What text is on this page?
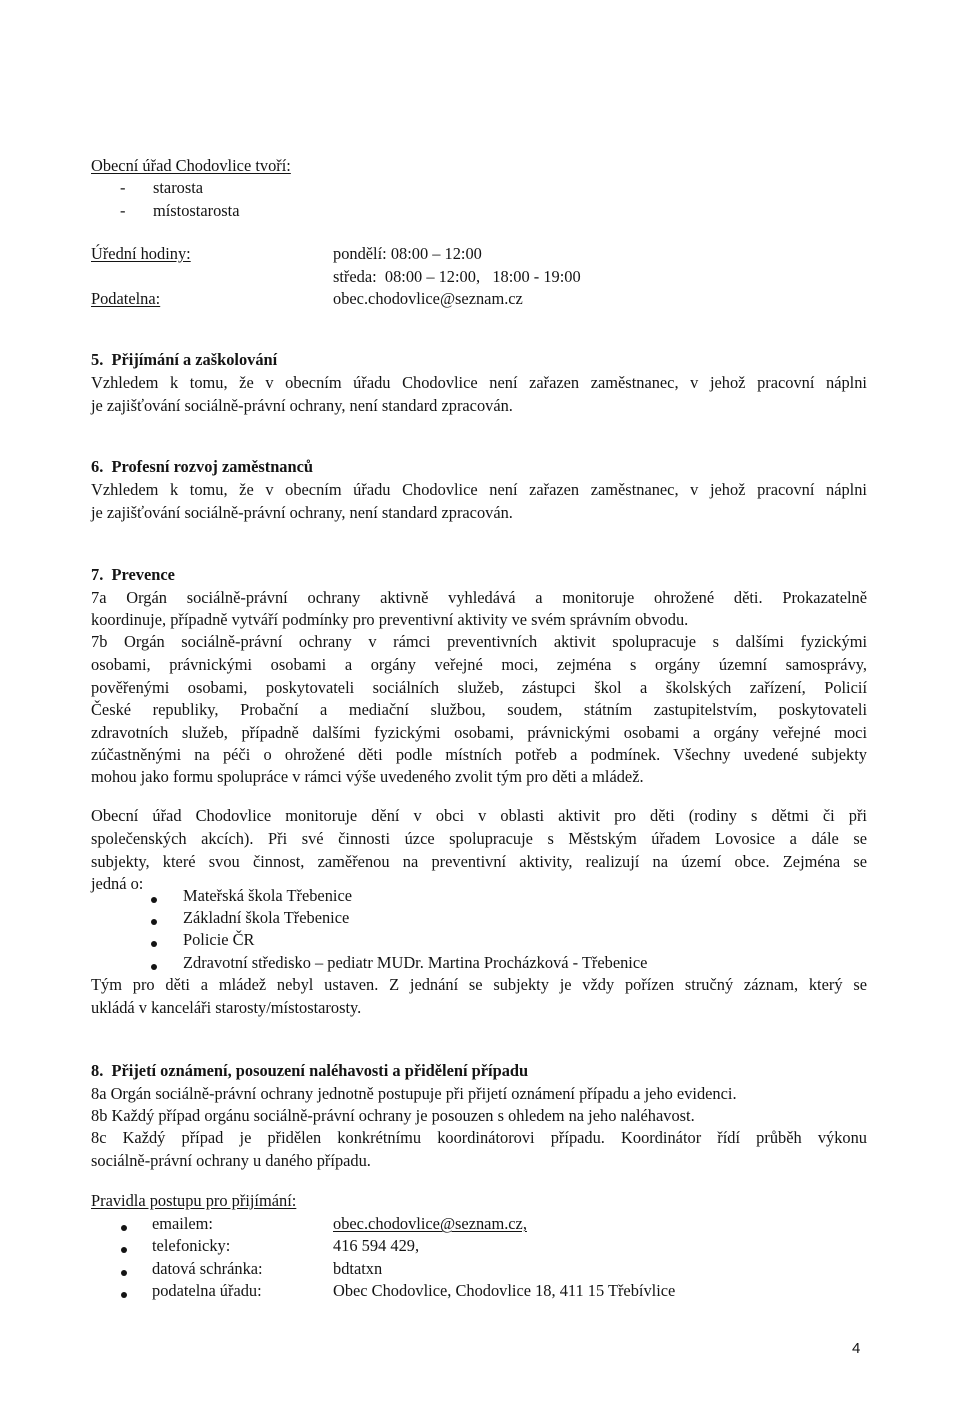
Obecní úřad Chodovlice tvoří:
- starosta
- místostarosta
Úřední hodiny:	pondělí: 08:00 – 12:00
středa:  08:00 – 12:00,   18:00 - 19:00
Podatelna:	obec.chodovlice@seznam.cz
5. Přijímání a zaškolování
Vzhledem k tomu, že v obecním úřadu Chodovlice není zařazen zaměstnanec, v jehož pracovní náplni
je zajišťování sociálně-právní ochrany, není standard zpracován.
6. Profesní rozvoj zaměstnanců
Vzhledem k tomu, že v obecním úřadu Chodovlice není zařazen zaměstnanec, v jehož pracovní náplni
je zajišťování sociálně-právní ochrany, není standard zpracován.
7. Prevence
7a Orgán sociálně-právní ochrany aktivně vyhledává a monitoruje ohrožené děti. Prokazatelně
koordinuje, případně vytváří podmínky pro preventivní aktivity ve svém správním obvodu.
7b Orgán sociálně-právní ochrany v rámci preventivních aktivit spolupracuje s dalšími fyzickými
osobami, právnickými osobami a orgány veřejné moci, zejména s orgány územní samosprávy,
pověřenými osobami, poskytovateli sociálních služeb, zástupci škol a školských zařízení, Policií
České republiky, Probační a mediační službou, soudem, státním zastupitelstvím, poskytovateli
zdravotních služeb, případně dalšími fyzickými osobami, právnickými osobami a orgány veřejné moci
zúčastněnými na péči o ohrožené děti podle místních potřeb a podmínek. Všechny uvedené subjekty
mohou jako formu spolupráce v rámci výše uvedeného zvolit tým pro děti a mládež.
Obecní úřad Chodovlice monitoruje dění v obci v oblasti aktivit pro děti (rodiny s dětmi či při
společenských akcích). Při své činnosti úzce spolupracuje s Městským úřadem Lovosice a dále se
subjekty, které svou činnost, zaměřenou na preventivní aktivity, realizují na území obce. Zejména se
jedná o:
Mateřská škola Třebenice
Základní škola Třebenice
Policie ČR
Zdravotní středisko – pediatr MUDr. Martina Procházková - Třebenice
Tým pro děti a mládež nebyl ustaven. Z jednání se subjekty je vždy pořízen stručný záznam, který se
ukládá v kanceláři starosty/místostarosty.
8. Přijetí oznámení, posouzení naléhavosti a přidělení případu
8a Orgán sociálně-právní ochrany jednotně postupuje při přijetí oznámení případu a jeho evidenci.
8b Každý případ orgánu sociálně-právní ochrany je posouzen s ohledem na jeho naléhavost.
8c Každý případ je přidělen konkrétnímu koordinátorovi případu. Koordinátor řídí průběh výkonu
sociálně-právní ochrany u daného případu.
Pravidla postupu pro přijímání:
emailem:	obec.chodovlice@seznam.cz,
telefonicky:	416 594 429,
datová schránka:	bdtatxn
podatelna úřadu:	Obec Chodovlice, Chodovlice 18, 411 15 Třebívlice
4
